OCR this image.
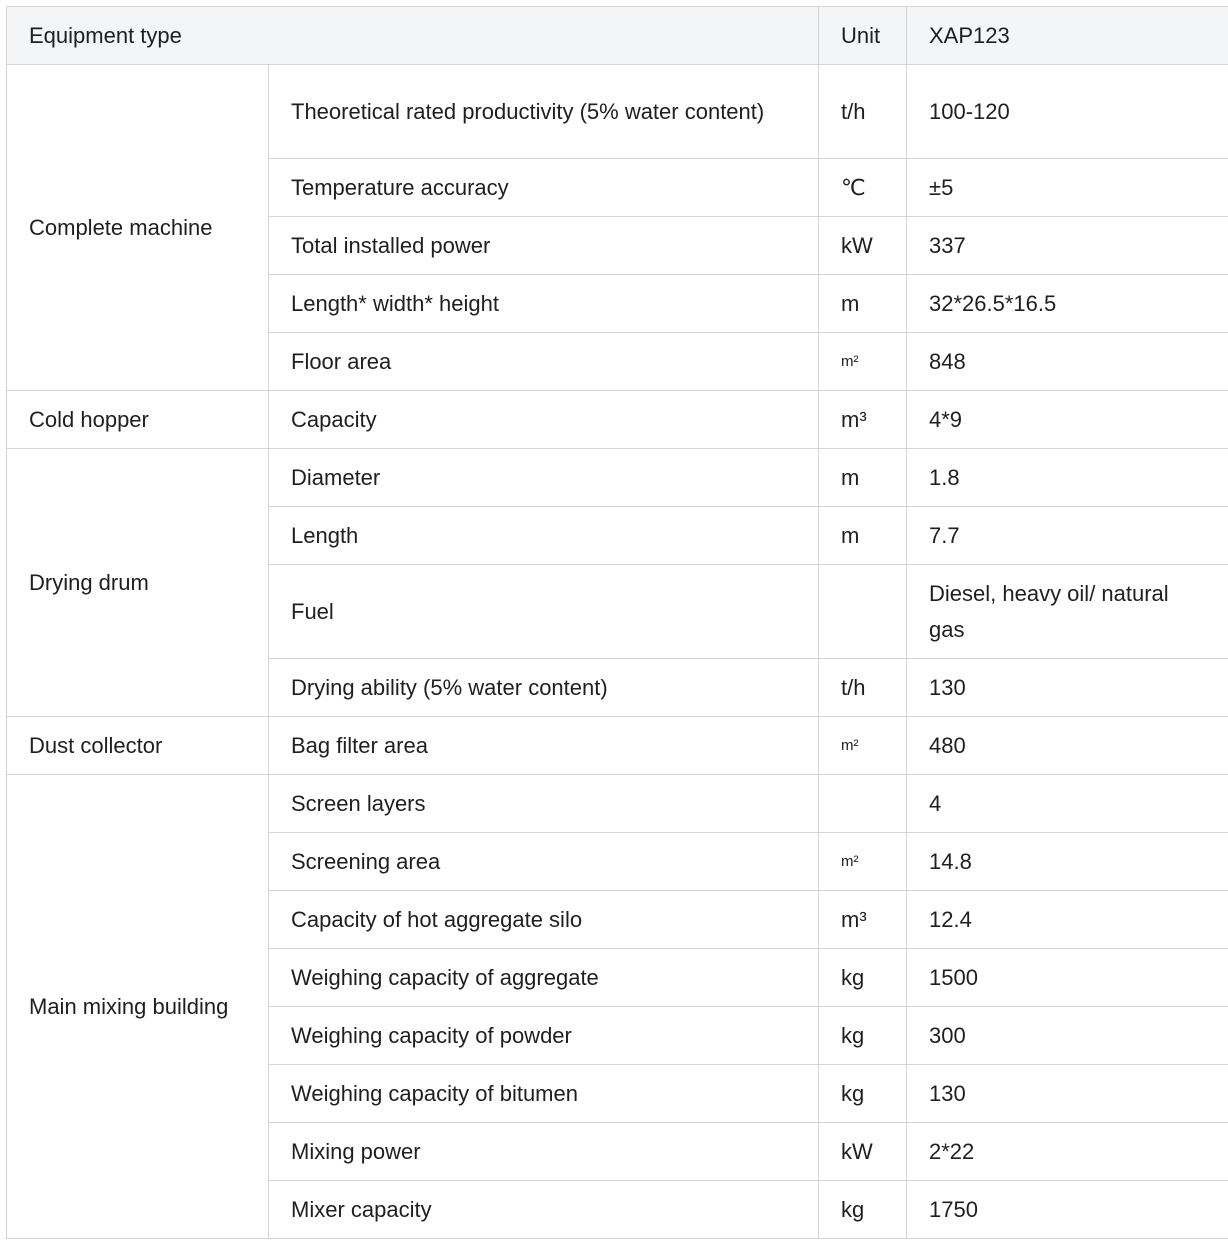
Equipment type		Unit	XAP123
Complete machine	Theoretical rated productivity (5% water content)	t/h	100-120
	Temperature accuracy	℃	±5
	Total installed power	kW	337
	Length* width* height	m	32*26.5*16.5
	Floor area	m²	848
Cold hopper	Capacity	m³	4*9
Drying drum	Diameter	m	1.8
	Length	m	7.7
	Fuel		Diesel, heavy oil/ natural gas
	Drying ability (5% water content)	t/h	130
Dust collector	Bag filter area	m²	480
Main mixing building	Screen layers		4
	Screening area	m²	14.8
	Capacity of hot aggregate silo	m³	12.4
	Weighing capacity of aggregate	kg	1500
	Weighing capacity of powder	kg	300
	Weighing capacity of bitumen	kg	130
	Mixing power	kW	2*22
	Mixer capacity	kg	1750
